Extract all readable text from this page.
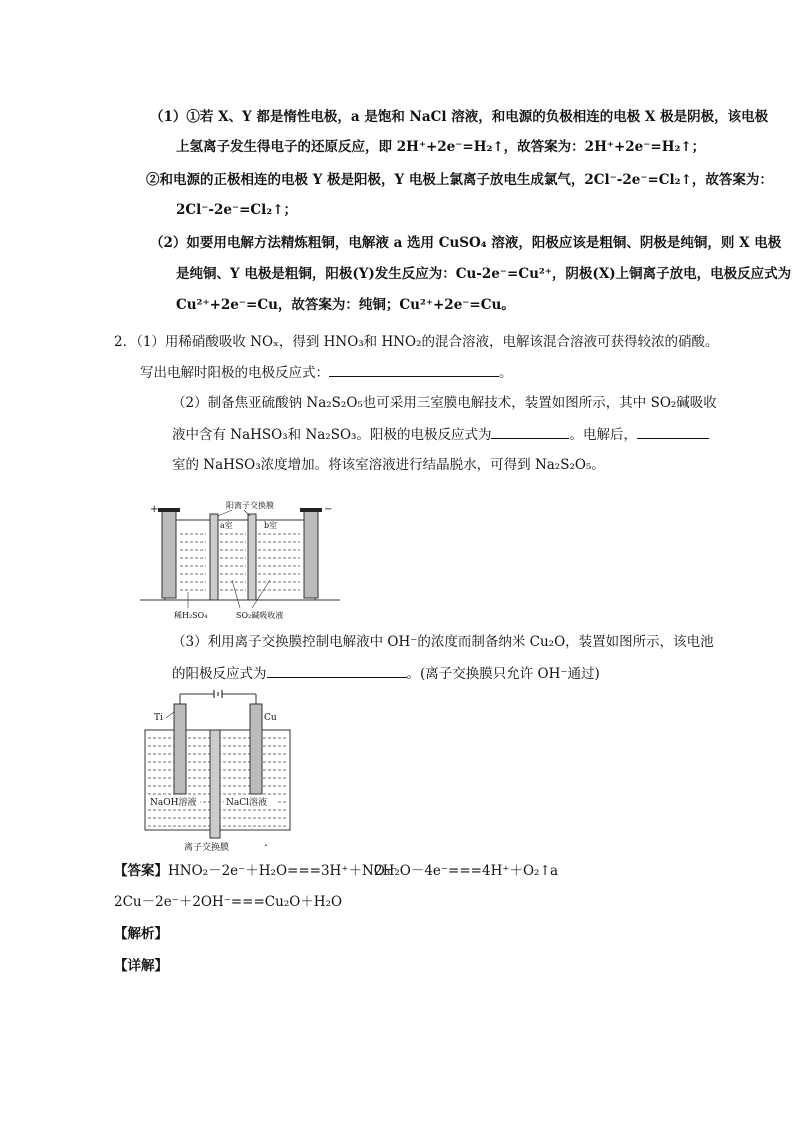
（1）①若 X、Y 都是惰性电极，a 是饱和 NaCl 溶液，和电源的负极相连的电极 X 极是阴极，该电极
上氢离子发生得电子的还原反应，即 2H⁺+2e⁻=H₂↑，故答案为：2H⁺+2e⁻=H₂↑；
②和电源的正极相连的电极 Y 极是阳极，Y 电极上氯离子放电生成氯气，2Cl⁻-2e⁻=Cl₂↑，故答案为：
2Cl⁻-2e⁻=Cl₂↑；
（2）如要用电解方法精炼粗铜，电解液 a 选用 CuSO₄ 溶液，阳极应该是粗铜、阴极是纯铜，则 X 电极
是纯铜、Y 电极是粗铜，阳极(Y)发生反应为：Cu-2e⁻=Cu²⁺，阴极(X)上铜离子放电，电极反应式为
Cu²⁺+2e⁻=Cu，故答案为：纯铜；Cu²⁺+2e⁻=Cu。
2．（1）用稀硝酸吸收 NOₓ，得到 HNO₃和 HNO₂的混合溶液，电解该混合溶液可获得较浓的硝酸。
写出电解时阳极的电极反应式：	。
（2）制备焦亚硫酸钠 Na₂S₂O₅也可采用三室膜电解技术，装置如图所示，其中 SO₂碱吸收
液中含有 NaHSO₃和 Na₂SO₃。阳极的电极反应式为	。电解后，
室的 NaHSO₃浓度增加。将该室溶液进行结晶脱水，可得到 Na₂S₂O₅。
+	−
阳离子交换膜
a室	b室
稀H₂SO₄	SO₂碱吸收液
（3）利用离子交换膜控制电解液中 OH⁻的浓度而制备纳米 Cu₂O，装置如图所示，该电池
的阳极反应式为	。(离子交换膜只允许 OH⁻通过)
Ti	Cu
NaOH溶液	NaCl溶液
离子交换膜	.
【答案】HNO₂－2e⁻＋H₂O===3H⁺＋NO₃⁻
2H₂O－4e⁻===4H⁺＋O₂↑ a
2Cu－2e⁻＋2OH⁻===Cu₂O＋H₂O
【解析】
【详解】
